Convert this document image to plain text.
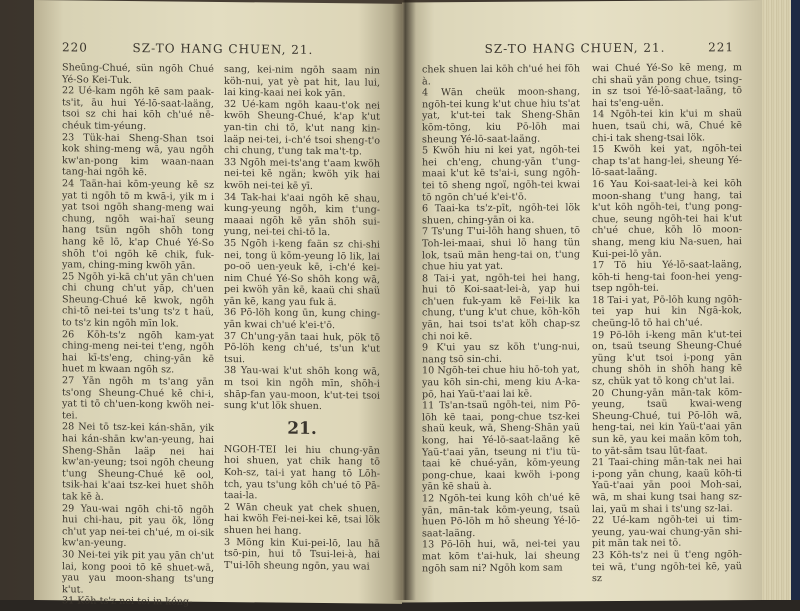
220	SZ-TO HANG CHUEN, 21.

Sheūng-Chué, sün ngōh Chué Yé-So Kei-Tuk.

22 Ué-kam ngōh kē sam paak-ts'it, āu hui Yé-lō-saat-laäng, tsoi sz chi hai kōh ch'ué nē-chéuk tim-yéung.

23 Tük-hai Sheng-Shan tsoi kok shing-meng wā, yau ngōh kw'an-pong kim waan-naan tang-hai ngōh kē.

24 Taän-hai kōm-yeung kē sz yat ti ngōh tō m kwā-i, yik m i yat tsoi ngōh shang-meng wai chung, ngōh wai-haï seung hang tsün ngōh shōh tong hang kē lō, k'ap Chué Yé-So shōh t'oi ngōh kē chik, fuk-yam, ching-ming kwöh yān.

25 Ngōh yi-kā ch'ut yān ch'uen chi chung ch'ut yāp, ch'uen Sheung-Chué kē kwok, ngōh chi-tō nei-tei ts'ung ts'z t haü, to ts'z kin ngōh mīn lok.

26 Kōh-ts'z ngōh kam-yat ching-meng nei-tei t'eng, ngōh hai kī-ts'eng, ching-yān kē huet m kwaan ngōh sz.

27 Yān ngōh m ts'ang yān ts'ong Sheung-Chué kē chi-i, yat ti tō ch'uen-kong kwöh nei-tei.

28 Nei tō tsz-kei kán-shān, yik hai kán-shān kw'an-yeung, hai Sheng-Shān laäp nei hai kw'an-yeung; tsoi ngōh cheung t'ung Sheung-Chué kē ool, tsik-hai k'aai tsz-kei huet shōh tak kē à.

29 Yau-wai ngōh chi-tō ngōh hui chi-hau, pit yau ök, löng ch'ut yap nei-tei ch'ué, m oi-sik kw'an-yeung.

30 Nei-tei yik pit yau yān ch'ut lai, kong pooi tō kē shuet-wā, yau yau moon-shang ts'ung k'ut.

31 Kōh-ts'z nei-tei in kéng-

sang, kei-nim ngōh saam nin köh-nui, yat yè pat hit, lau lui, lai king-kaai nei kok yān.

32 Ué-kam ngōh kaau-t'ok nei kwöh Sheung-Chué, k'ap k'ut yan-tin chi tō, k'ut nang kin-laäp nei-tei, i-ch'é tsoi sheng-t'o chi chung, t'ung tak ma't-tp.

33 Ngōh mei-ts'ang t'aam kwöh nei-tei kē ngän; kwöh yik hai kwöh nei-tei kē yī.

34 Tak-hai k'aai ngōh kē shau, kung-yeung ngōh, kim t'ung-maaai ngōh kē yān shōh sui-yung, nei-tei chi-tō la.

35 Ngōh i-keng faän sz chi-shi nei, tong ü kōm-yeung lō lik, lai po-oö uen-yeuk kē, i-ch'é kei-nim Chué Yé-So shōh kong wā, pei kwöh yān kē, kaaü chi shaü yān kē, kang yau fuk ä.

36 Pō-löh kong ūn, kung ching-yān kwai ch'ué k'ei-t'ō.

37 Ch'ung-yān taai huk, pök tō Pō-löh keng ch'ué, ts'un k'ut tsui.

38 Yau-wai k'ut shōh kong wā, m tsoi kin ngōh mīn, shōh-i shāp-fan yau-moon, k'ut-tei tsoi sung k'ut lök shuen.

21.

NGOH-TEI lei hiu chung-yān hoi shuen, yat chik hang tō Koh-sz, tai-i yat hang tō Lōh-tch, yau ts'ung kōh ch'ué tō Pā-taai-la.

2 Wān cheuk yat chek shuen, hai kwöh Fei-nei-kei kē, tsai lök shuen hei hang.

3 Möng kin Kui-pei-lō, lau hā tsō-pin, hui tō Tsui-lei-à, hai T'ui-lōh sheung ngōn, yau wai

SZ-TO HANG CHUEN, 21.	221

chek shuen lai kōh ch'ué hei fōh à.

4 Wān cheük moon-shang, ngōh-tei kung k'ut chue hiu ts'at yat, k'ut-tei tak Sheng-Shān kōm-tōng, kiu Pō-lōh mai sheung Yé-lō-saat-laäng.

5 Kwöh hiu ni kei yat, ngōh-tei hei ch'eng, chung-yān t'ung-maai k'ut kē ts'ai-i, sung ngōh-tei tō sheng ngoï, ngōh-tei kwai tō ngōn ch'ué k'ei-t'ō.

6 Taai-ka ts'z-pīt, ngōh-tei lök shuen, ching-yān oi ka.

7 Ts'ung T'ui-lōh hang shuen, tō Toh-lei-maai, shui lō hang tün lok, tsaü mān heng-tai on, t'ung chue hiu yat yat.

8 Tai-i yat, ngōh-tei hei hang, hui tō Koi-saat-lei-à, yap hui ch'uen fuk-yam kē Fei-lik ka chung, t'ung k'ut chue, kōh-köh yān, hai tsoi ts'at köh chap-sz chi noi kē.

9 K'ui yau sz köh t'ung-nui, nang tsō sin-chi.

10 Ngōh-tei chue hiu hō-toh yat, yau kōh sin-chi, meng kiu A-ka-pō, hai Yaü-t'aai lai kē.

11 Ts'an-tsaü ngōh-tei, nim Pō-lōh kē taai, pong-chue tsz-kei shaü keuk, wā, Sheng-Shān yaü kong, hai Yé-lō-saat-laäng kē Yaü-t'aai yān, tseung ni t'iu tü-taai kē chué-yān, kōm-yeung pong-chue, kaai kwöh i-pong yān kē shaü à.

12 Ngōh-tei kung kōh ch'ué kē yān, mān-tak kōm-yeung, tsaü huen Pō-lōh m hō sheung Yé-lō-saat-laäng.

13 Pō-lōh hui, wā, nei-tei yau mat kōm t'ai-huk, lai sheung ngōh sam ni? Ngōh kom sam

wai Chué Yé-So kē meng, m chi shaü yān pong chue, tsing-in sz tsoi Yé-lō-saat-laäng, tō hai ts'eng-uën.

14 Ngōh-tei kin k'ui m shaü huen, tsaü chi, wā, Chué kē chi-i tak sheng-tsai lök.

15 Kwöh kei yat, ngōh-tei chap ts'at hang-lei, sheung Yé-lō-saat-laäng.

16 Yau Koi-saat-lei-à kei kōh moon-shang t'ung hang, tai k'ut kōh ngōh-tei, t'ung pong-chue, seung ngōh-tei hai k'ut ch'ué chue, kōh lō moon-shang, meng kiu Na-suen, hai Kui-pei-lō yān.

17 Tō hiu Yé-lō-saat-laäng, kōh-ti heng-tai foon-hei yeng-tsep ngōh-tei.

18 Tai-i yat, Pō-lōh kung ngōh-tei yap hui kin Ngā-kok, cheüng-lō tō hai ch'ué.

19 Pō-lōh i-keng mān k'ut-tei on, tsaü tseung Sheung-Chué yüng k'ut tsoi i-pong yān chung shōh in shōh hang kē sz, chük yat tō kong ch'ut lai.

20 Chung-yān mān-tak kōm-yeung, tsaü kwai-weng Sheung-Chué, tui Pō-lōh wā, heng-tai, nei kin Yaü-t'aai yān sun kē, yau kei maän kōm toh, to yāt-sām tsau lūt-faat.

21 Taai-ching mān-tak nei hai i-pong yān chung, kaaü kōh-ti Yaü-t'aai yān pooi Moh-sai, wā, m shai kung tsai hang sz-lai, yaü m shai i ts'ung sz-lai.

22 Ué-kam ngōh-tei ui tim-yeung, yau-wai chung-yān shi-pit mān tak nei tō.

23 Kōh-ts'z nei ü t'eng ngōh-tei wā, t'ung ngōh-tei kē, yaü sz
